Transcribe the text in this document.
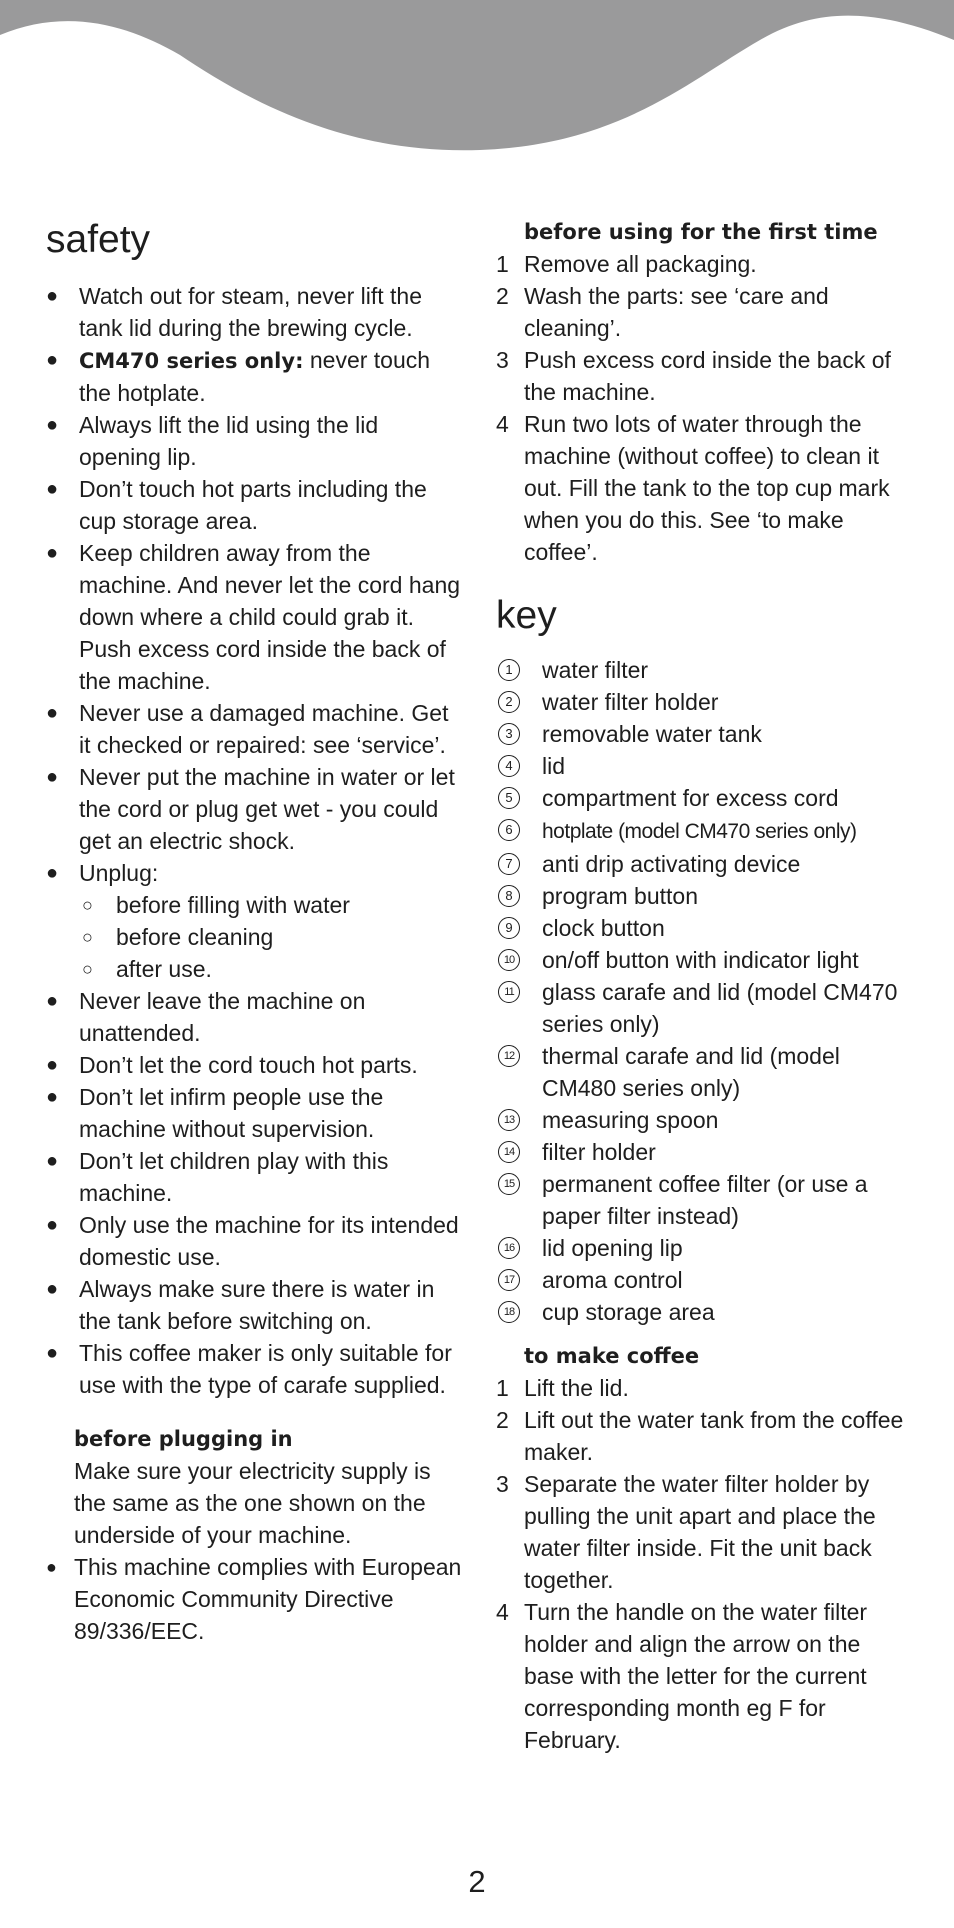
safety
● Watch out for steam, never lift the tank lid during the brewing cycle.
● CM470 series only: never touch the hotplate.
● Always lift the lid using the lid opening lip.
● Don’t touch hot parts including the cup storage area.
● Keep children away from the machine. And never let the cord hang down where a child could grab it. Push excess cord inside the back of the machine.
● Never use a damaged machine. Get it checked or repaired: see ‘service’.
● Never put the machine in water or let the cord or plug get wet - you could get an electric shock.
● Unplug:
○ before filling with water
○ before cleaning
○ after use.
● Never leave the machine on unattended.
● Don’t let the cord touch hot parts.
● Don’t let infirm people use the machine without supervision.
● Don’t let children play with this machine.
● Only use the machine for its intended domestic use.
● Always make sure there is water in the tank before switching on.
● This coffee maker is only suitable for use with the type of carafe supplied.
before plugging in
Make sure your electricity supply is the same as the one shown on the underside of your machine.
● This machine complies with European Economic Community Directive 89/336/EEC.
before using for the first time
1 Remove all packaging.
2 Wash the parts: see ‘care and cleaning’.
3 Push excess cord inside the back of the machine.
4 Run two lots of water through the machine (without coffee) to clean it out. Fill the tank to the top cup mark when you do this. See ‘to make coffee’.
key
1	water filter
2	water filter holder
3	removable water tank
4	lid
5	compartment for excess cord
6	hotplate (model CM470 series only)
7	anti drip activating device
8	program button
9	clock button
10 on/off button with indicator light
11 glass carafe and lid (model CM470 series only)
12 thermal carafe and lid (model CM480 series only)
13 measuring spoon
14 filter holder
15 permanent coffee filter (or use a paper filter instead)
16 lid opening lip
17 aroma control
18 cup storage area
to make coffee
1 Lift the lid.
2 Lift out the water tank from the coffee maker.
3 Separate the water filter holder by pulling the unit apart and place the water filter inside. Fit the unit back together.
4 Turn the handle on the water filter holder and align the arrow on the base with the letter for the current corresponding month eg F for February.
2
